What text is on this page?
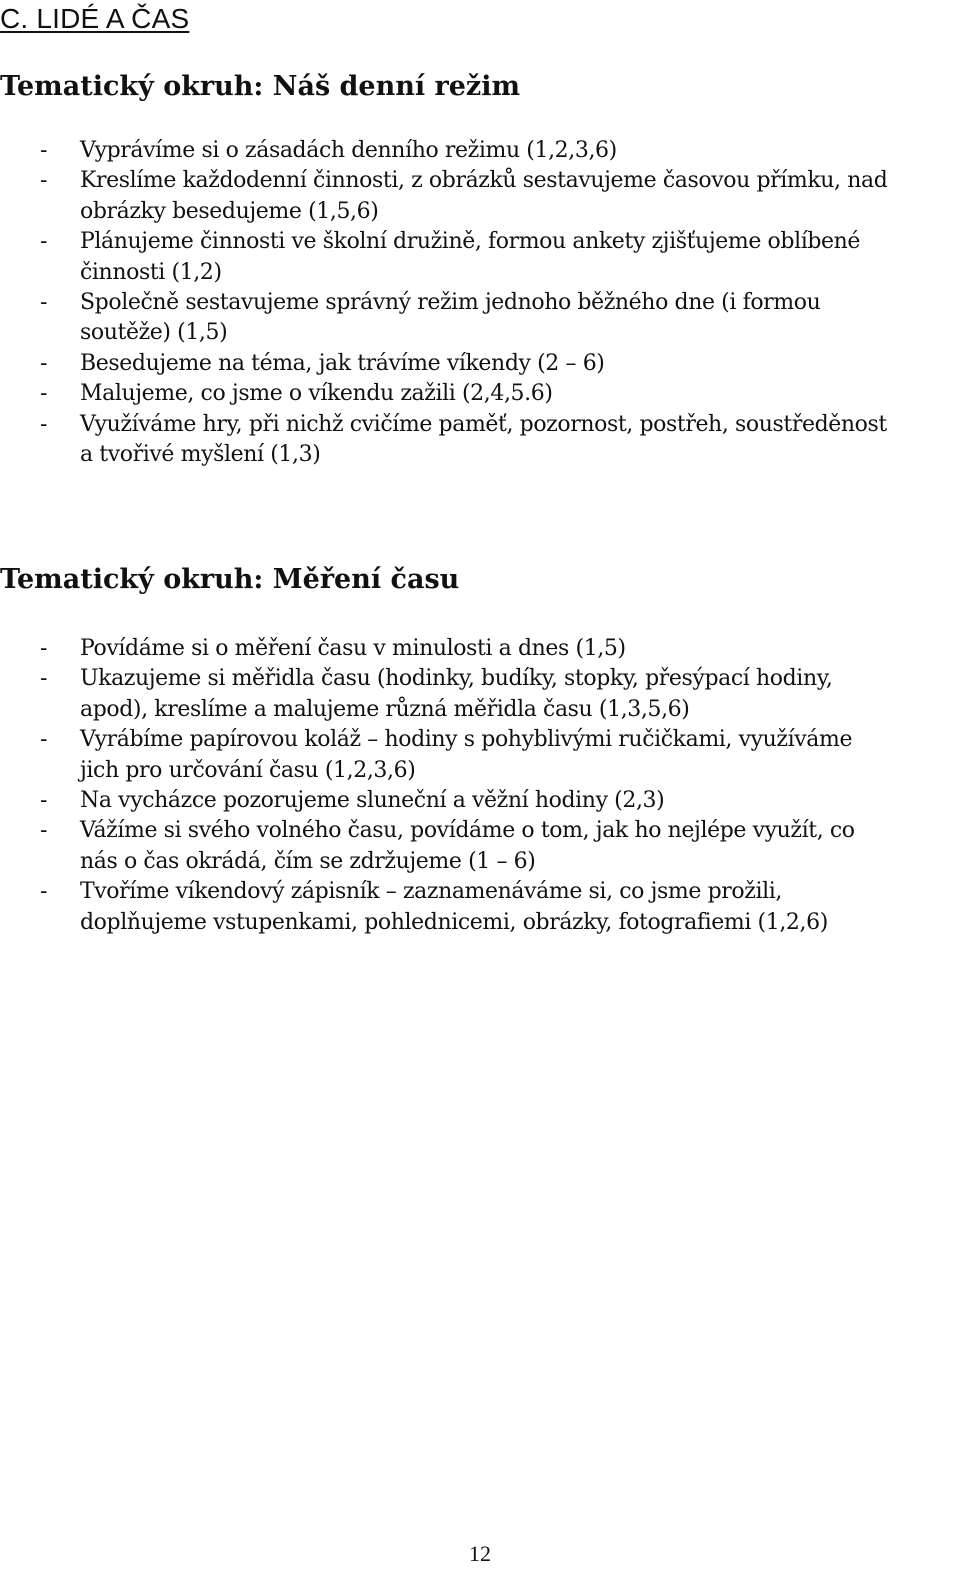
C. LIDÉ A ČAS
Tematický okruh: Náš denní režim
- Vyprávíme si o zásadách denního režimu (1,2,3,6)
- Kreslíme každodenní činnosti, z obrázků sestavujeme časovou přímku, nad
obrázky besedujeme (1,5,6)
- Plánujeme činnosti ve školní družině, formou ankety zjišťujeme oblíbené
činnosti (1,2)
- Společně sestavujeme správný režim jednoho běžného dne (i formou
soutěže) (1,5)
- Besedujeme na téma, jak trávíme víkendy (2 – 6)
- Malujeme, co jsme o víkendu zažili (2,4,5.6)
- Využíváme hry, při nichž cvičíme paměť, pozornost, postřeh, soustředěnost
a tvořivé myšlení (1,3)
Tematický okruh: Měření času
- Povídáme si o měření času v minulosti a dnes (1,5)
- Ukazujeme si měřidla času (hodinky, budíky, stopky, přesýpací hodiny,
apod), kreslíme a malujeme různá měřidla času (1,3,5,6)
- Vyrábíme papírovou koláž – hodiny s pohyblivými ručičkami, využíváme
jich pro určování času (1,2,3,6)
- Na vycházce pozorujeme sluneční a věžní hodiny (2,3)
- Vážíme si svého volného času, povídáme o tom, jak ho nejlépe využít, co
nás o čas okrádá, čím se zdržujeme (1 – 6)
- Tvoříme víkendový zápisník – zaznamenáváme si, co jsme prožili,
doplňujeme vstupenkami, pohlednicemi, obrázky, fotografiemi (1,2,6)
12
